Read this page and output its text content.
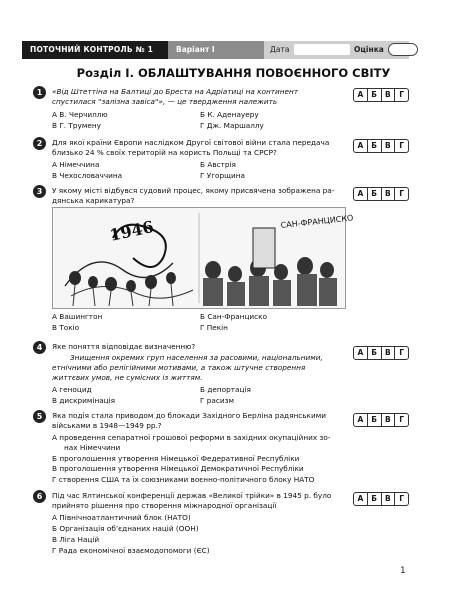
ПОТОЧНИЙ КОНТРОЛЬ № 1	Варіант І	Дата	Оцінка
Розділ І. ОБЛАШТУВАННЯ ПОВОЄННОГО СВІТУ
1	«Від Штеттіна на Балтиці до Бреста на Адріатиці на континент
спустилася "залізна завіса"», — це твердження належить
А В. Черчиллю	Б К. Аденауеру
В Г. Трумену	Г Дж. Маршаллу
А	Б	В	Г
2	Для якої країни Європи наслідком Другої світової війни стала передача
близько 24 % своїх територій на користь Польщі та СРСР?
А Німеччина	Б Австрія
В Чехословаччина	Г Угорщина
А	Б	В	Г
3	У якому місті відбувся судовий процес, якому присвячена зображена ра-
дянська карикатура?
А	Б	В	Г
1946	САН-ФРАНЦИСКО
А Вашингтон	Б Сан-Франциско
В Токіо	Г Пекін
4	Яке поняття відповідає визначенню?
Знищення окремих груп населення за расовими, національними,
етнічними або релігійними мотивами, а також штучне створення
життєвих умов, не сумісних із життям.
А геноцид	Б депортація
В дискримінація	Г расизм
А	Б	В	Г
5	Яка подія стала приводом до блокади Західного Берліна радянськими
військами в 1948—1949 рр.?
А проведення сепаратної грошової реформи в західних окупаційних зо-
нах Німеччини
Б проголошення утворення Німецької Федеративної Республіки
В проголошення утворення Німецької Демократичної Республіки
Г створення США та їх союзниками воєнно-політичного блоку НАТО
А	Б	В	Г
6	Під час Ялтинської конференції держав «Великої трійки» в 1945 р. було
прийнято рішення про створення міжнародної організації
А Північноатлантичний блок (НАТО)
Б Організація об’єднаних націй (ООН)
В Ліга Націй
Г Рада економічної взаємодопомоги (ЄС)
А	Б	В	Г
1
